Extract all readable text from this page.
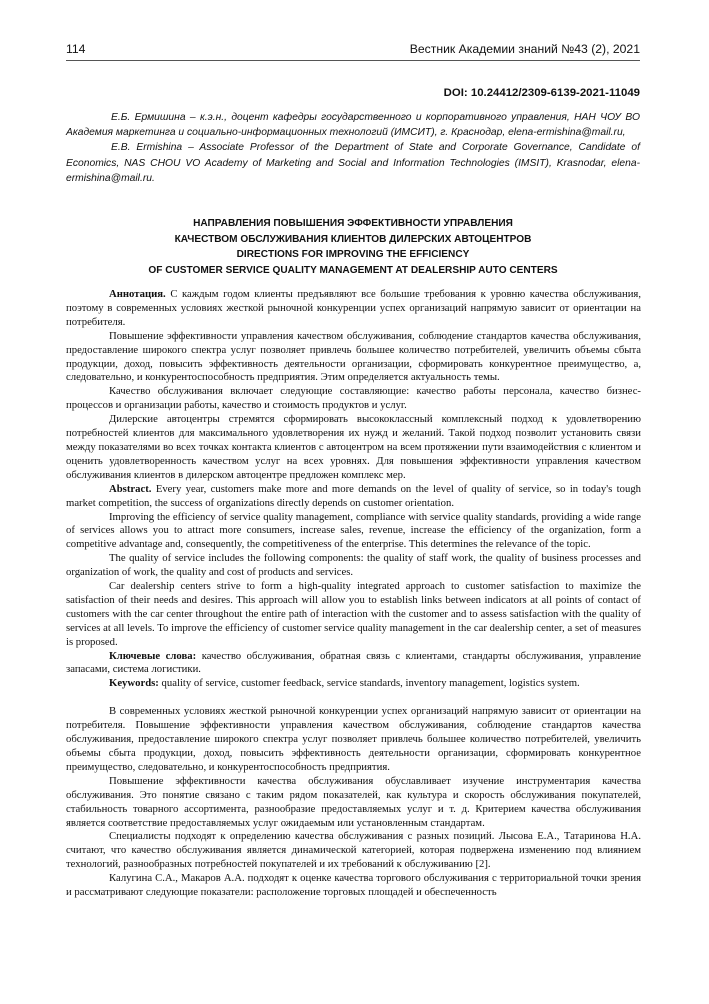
114	Вестник Академии знаний №43 (2), 2021
DOI: 10.24412/2309-6139-2021-11049

Е.Б. Ермишина – к.э.н., доцент кафедры государственного и корпоративного управления, НАН ЧОУ ВО Академия маркетинга и социально-информационных технологий (ИМСИТ), г. Краснодар, elena-ermishina@mail.ru,

E.B. Ermishina – Associate Professor of the Department of State and Corporate Governance, Candidate of Economics, NAS CHOU VO Academy of Marketing and Social and Information Technologies (IMSIT), Krasnodar, elena-ermishina@mail.ru.

НАПРАВЛЕНИЯ ПОВЫШЕНИЯ ЭФФЕКТИВНОСТИ УПРАВЛЕНИЯ
КАЧЕСТВОМ ОБСЛУЖИВАНИЯ КЛИЕНТОВ ДИЛЕРСКИХ АВТОЦЕНТРОВ
DIRECTIONS FOR IMPROVING THE EFFICIENCY
OF CUSTOMER SERVICE QUALITY MANAGEMENT AT DEALERSHIP AUTO CENTERS

Аннотация. С каждым годом клиенты предъявляют все большие требования к уровню качества обслуживания, поэтому в современных условиях жесткой рыночной конкуренции успех организаций напрямую зависит от ориентации на потребителя.

Повышение эффективности управления качеством обслуживания, соблюдение стандартов качества обслуживания, предоставление широкого спектра услуг позволяет привлечь большее количество потребителей, увеличить объемы сбыта продукции, доход, повысить эффективность деятельности организации, сформировать конкурентное преимущество, а, следовательно, и конкурентоспособность предприятия. Этим определяется актуальность темы.

Качество обслуживания включает следующие составляющие: качество работы персонала, качество бизнес-процессов и организации работы, качество и стоимость продуктов и услуг.

Дилерские автоцентры стремятся сформировать высококлассный комплексный подход к удовлетворению потребностей клиентов для максимального удовлетворения их нужд и желаний. Такой подход позволит установить связи между показателями во всех точках контакта клиентов с автоцентром на всем протяжении пути взаимодействия с клиентом и оценить удовлетворенность качеством услуг на всех уровнях. Для повышения эффективности управления качеством обслуживания клиентов в дилерском автоцентре предложен комплекс мер.

Abstract. Every year, customers make more and more demands on the level of quality of service, so in today's tough market competition, the success of organizations directly depends on customer orientation.

Improving the efficiency of service quality management, compliance with service quality standards, providing a wide range of services allows you to attract more consumers, increase sales, revenue, increase the efficiency of the organization, form a competitive advantage and, consequently, the competitiveness of the enterprise. This determines the relevance of the topic.

The quality of service includes the following components: the quality of staff work, the quality of business processes and organization of work, the quality and cost of products and services.

Car dealership centers strive to form a high-quality integrated approach to customer satisfaction to maximize the satisfaction of their needs and desires. This approach will allow you to establish links between indicators at all points of contact of customers with the car center throughout the entire path of interaction with the customer and to assess satisfaction with the quality of services at all levels. To improve the efficiency of customer service quality management in the car dealership center, a set of measures is proposed.

Ключевые слова: качество обслуживания, обратная связь с клиентами, стандарты обслуживания, управление запасами, система логистики.

Keywords: quality of service, customer feedback, service standards, inventory management, logistics system.

В современных условиях жесткой рыночной конкуренции успех организаций напрямую зависит от ориентации на потребителя. Повышение эффективности управления качеством обслуживания, соблюдение стандартов качества обслуживания, предоставление широкого спектра услуг позволяет привлечь большее количество потребителей, увеличить объемы сбыта продукции, доход, повысить эффективность деятельности организации, сформировать конкурентное преимущество, следовательно, и конкурентоспособность предприятия.

Повышение эффективности качества обслуживания обуславливает изучение инструментария качества обслуживания. Это понятие связано с таким рядом показателей, как культура и скорость обслуживания покупателей, стабильность товарного ассортимента, разнообразие предоставляемых услуг и т. д. Критерием качества обслуживания является соответствие предоставляемых услуг ожидаемым или установленным стандартам.

Специалисты подходят к определению качества обслуживания с разных позиций. Лысова Е.А., Татаринова Н.А. считают, что качество обслуживания является динамической категорией, которая подвержена изменению под влиянием технологий, разнообразных потребностей покупателей и их требований к обслуживанию [2].

Калугина С.А., Макаров А.А. подходят к оценке качества торгового обслуживания с территориальной точки зрения и рассматривают следующие показатели: расположение торговых площадей и обеспеченность
